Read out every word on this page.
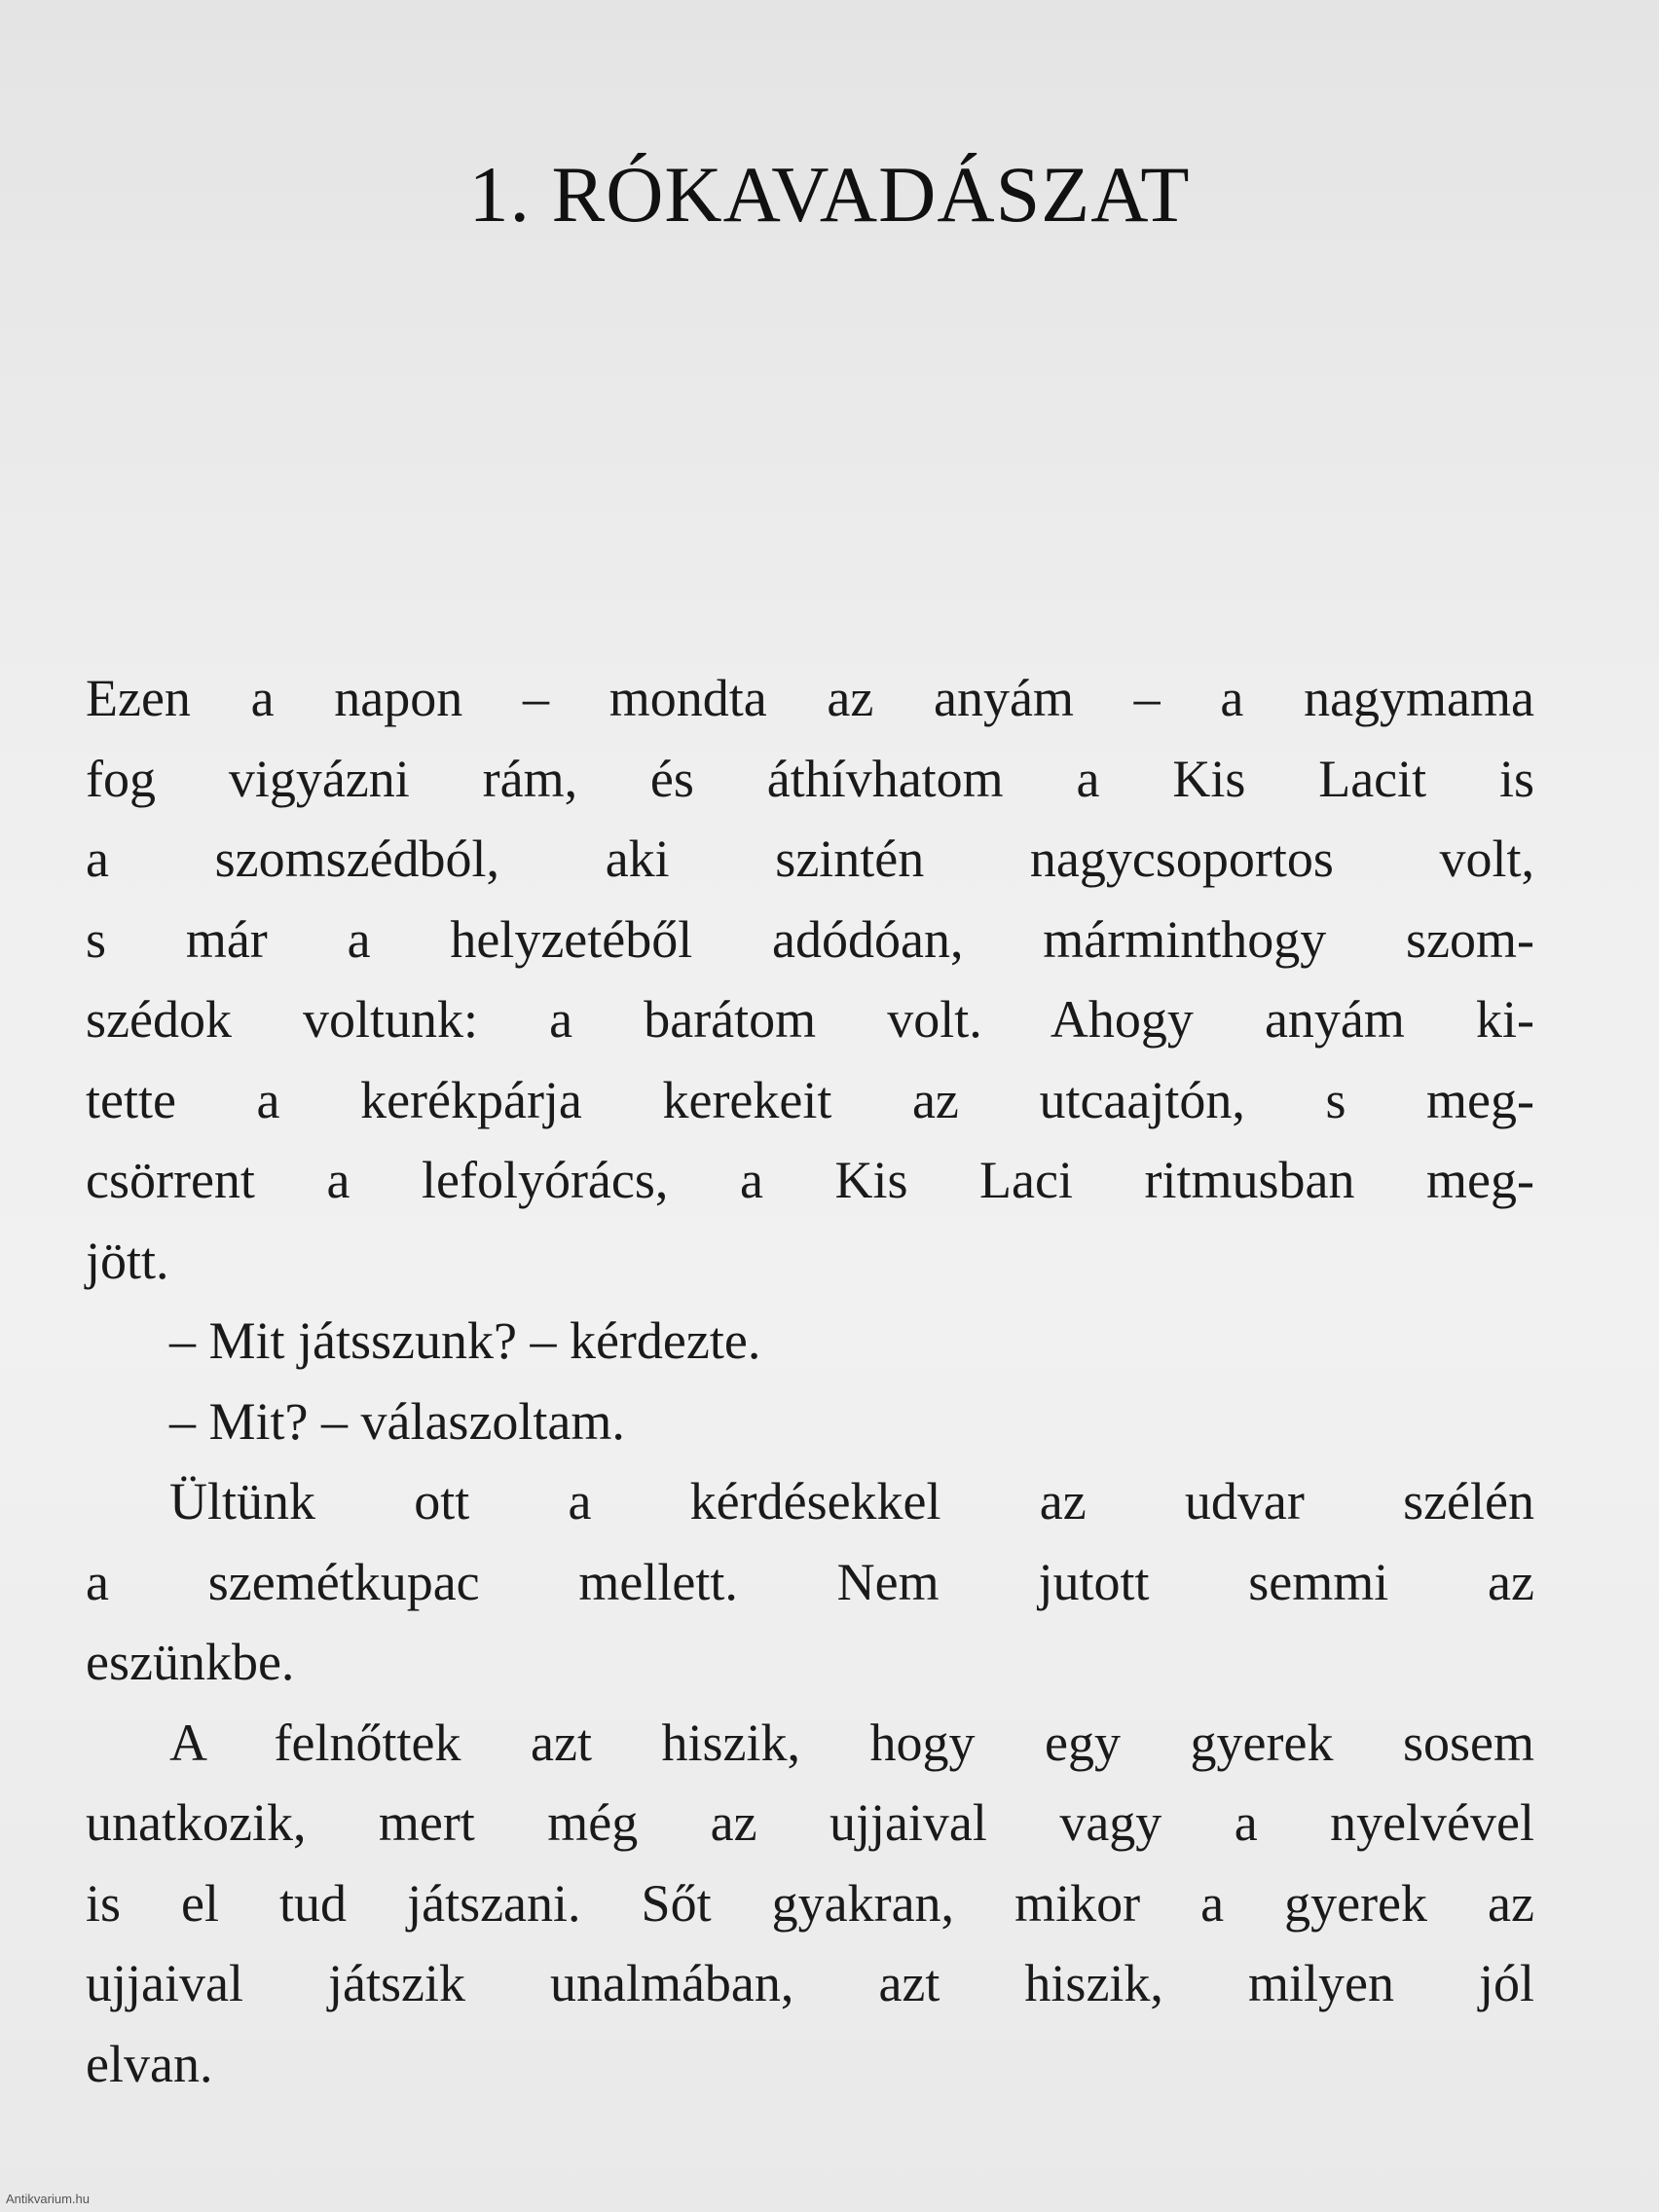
1. RÓKAVADÁSZAT
Ezen a napon – mondta az anyám – a nagymama
fog vigyázni rám, és áthívhatom a Kis Lacit is
a szomszédból, aki szintén nagycsoportos volt,
s már a helyzetéből adódóan, márminthogy szom-
szédok voltunk: a barátom volt. Ahogy anyám ki-
tette a kerékpárja kerekeit az utcaajtón, s meg-
csörrent a lefolyórács, a Kis Laci ritmusban meg-
jött.
– Mit játsszunk? – kérdezte.
– Mit? – válaszoltam.
Ültünk ott a kérdésekkel az udvar szélén
a szemétkupac mellett. Nem jutott semmi az
eszünkbe.
A felnőttek azt hiszik, hogy egy gyerek sosem
unatkozik, mert még az ujjaival vagy a nyelvével
is el tud játszani. Sőt gyakran, mikor a gyerek az
ujjaival játszik unalmában, azt hiszik, milyen jól
elvan.
Antikvarium.hu
